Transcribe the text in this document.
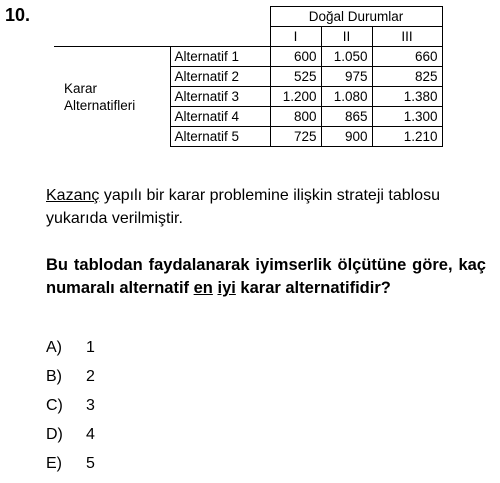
10.
			Doğal Durumlar		
		I	II	III
Karar
Alternatifleri	Alternatif 1	600	1.050	660
	Alternatif 2	525	975	825
	Alternatif 3	1.200	1.080	1.380
	Alternatif 4	800	865	1.300
	Alternatif 5	725	900	1.210
Kazanç yapılı bir karar problemine ilişkin strateji tablosu yukarıda verilmiştir.
Bu tablodan faydalanarak iyimserlik ölçütüne göre, kaç numaralı alternatif en iyi karar alternatifidir?
A)	1
B)	2
C)	3
D)	4
E)	5
